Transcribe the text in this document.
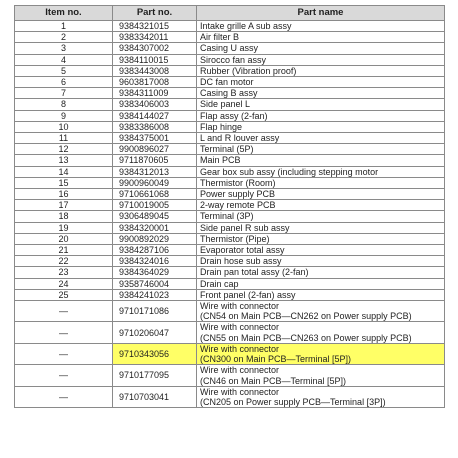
Item no.	Part no.	Part name
1	9384321015	Intake grille A sub assy

2	9383342011	Air filter B

3	9384307002	Casing U assy

4	9384110015	Sirocco fan assy

5	9383443008	Rubber (Vibration proof)

6	9603817008	DC fan motor

7	9384311009	Casing B assy

8	9383406003	Side panel L

9	9384144027	Flap assy (2-fan)

10	9383386008	Flap hinge

11	9384375001	L and R louver assy

12	9900896027	Terminal (5P)

13	9711870605	Main PCB

14	9384312013	Gear box sub assy (including stepping motor

15	9900960049	Thermistor (Room)

16	9710661068	Power supply PCB

17	9710019005	2-way remote PCB

18	9306489045	Terminal (3P)

19	9384320001	Side panel R sub assy

20	9900892029	Thermistor (Pipe)

21	9384287106	Evaporator total assy

22	9384324016	Drain hose sub assy

23	9384364029	Drain pan total assy (2-fan)

24	9358746004	Drain cap

25	9384241023	Front panel (2-fan) assy

—	9710171086	Wire with connector
(CN54 on Main PCB—CN262 on Power supply PCB)

—	9710206047	Wire with connector
(CN55 on Main PCB—CN263 on Power supply PCB)

—	9710343056	Wire with connector
(CN300 on Main PCB—Terminal [5P])

—	9710177095	Wire with connector
(CN46 on Main PCB—Terminal [5P])

—	9710703041	Wire with connector
(CN205 on Power supply PCB—Terminal [3P])
